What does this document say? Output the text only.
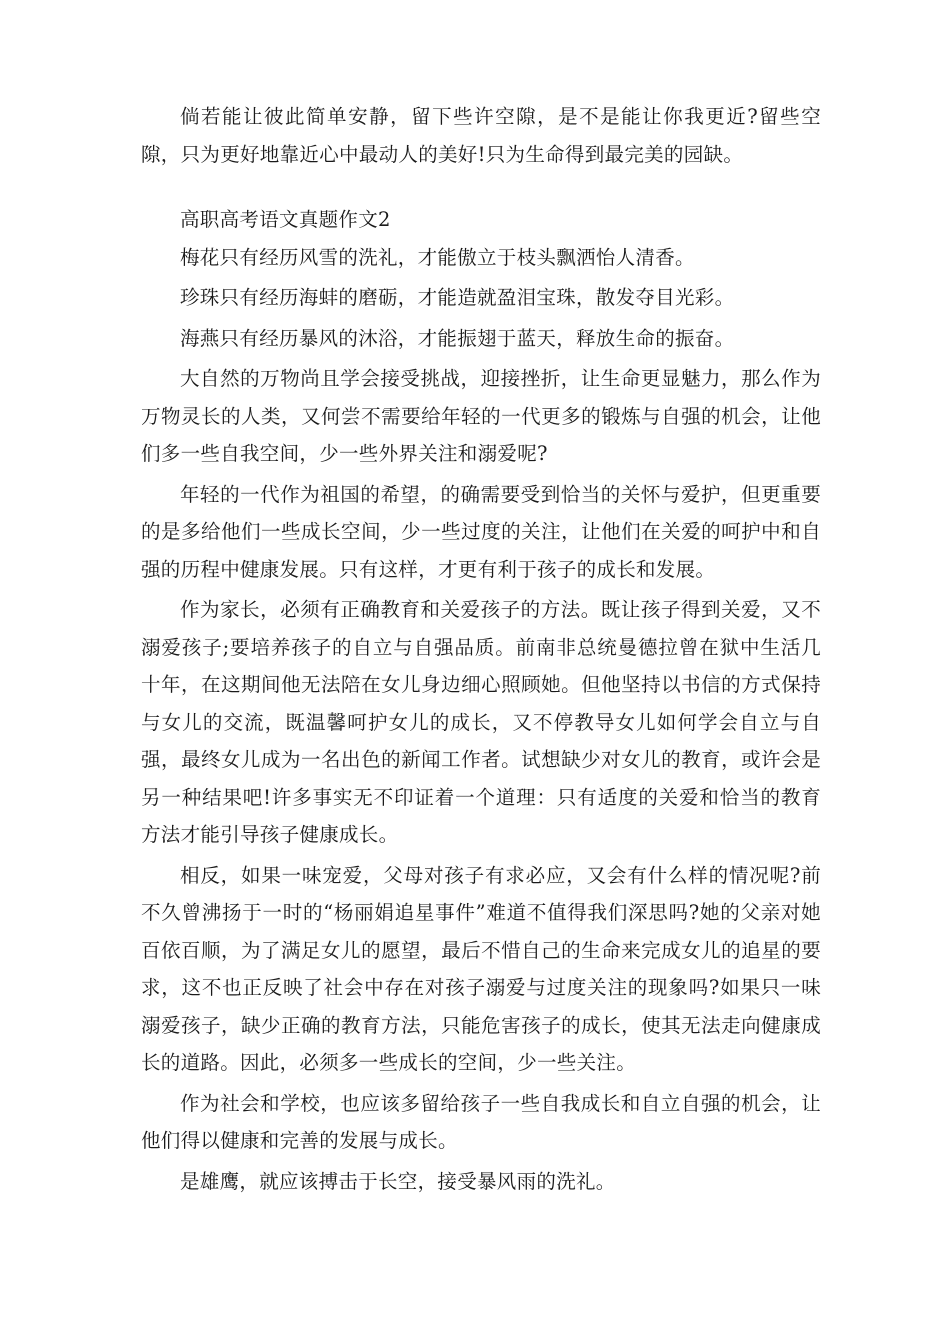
倘若能让彼此简单安静，留下些许空隙，是不是能让你我更近?留些空隙，只为更好地靠近心中最动人的美好!只为生命得到最完美的园缺。

高职高考语文真题作文2

梅花只有经历风雪的洗礼，才能傲立于枝头飘洒怡人清香。

珍珠只有经历海蚌的磨砺，才能造就盈泪宝珠，散发夺目光彩。

海燕只有经历暴风的沐浴，才能振翅于蓝天，释放生命的振奋。

大自然的万物尚且学会接受挑战，迎接挫折，让生命更显魅力，那么作为万物灵长的人类，又何尝不需要给年轻的一代更多的锻炼与自强的机会，让他们多一些自我空间，少一些外界关注和溺爱呢?

年轻的一代作为祖国的希望，的确需要受到恰当的关怀与爱护，但更重要的是多给他们一些成长空间，少一些过度的关注，让他们在关爱的呵护中和自强的历程中健康发展。只有这样，才更有利于孩子的成长和发展。

作为家长，必须有正确教育和关爱孩子的方法。既让孩子得到关爱，又不溺爱孩子;要培养孩子的自立与自强品质。前南非总统曼德拉曾在狱中生活几十年，在这期间他无法陪在女儿身边细心照顾她。但他坚持以书信的方式保持与女儿的交流，既温馨呵护女儿的成长，又不停教导女儿如何学会自立与自强，最终女儿成为一名出色的新闻工作者。试想缺少对女儿的教育，或许会是另一种结果吧!许多事实无不印证着一个道理：只有适度的关爱和恰当的教育方法才能引导孩子健康成长。

相反，如果一味宠爱，父母对孩子有求必应，又会有什么样的情况呢?前不久曾沸扬于一时的“杨丽娟追星事件”难道不值得我们深思吗?她的父亲对她百依百顺，为了满足女儿的愿望，最后不惜自己的生命来完成女儿的追星的要求，这不也正反映了社会中存在对孩子溺爱与过度关注的现象吗?如果只一味溺爱孩子，缺少正确的教育方法，只能危害孩子的成长，使其无法走向健康成长的道路。因此，必须多一些成长的空间，少一些关注。

作为社会和学校，也应该多留给孩子一些自我成长和自立自强的机会，让他们得以健康和完善的发展与成长。

是雄鹰，就应该搏击于长空，接受暴风雨的洗礼。
